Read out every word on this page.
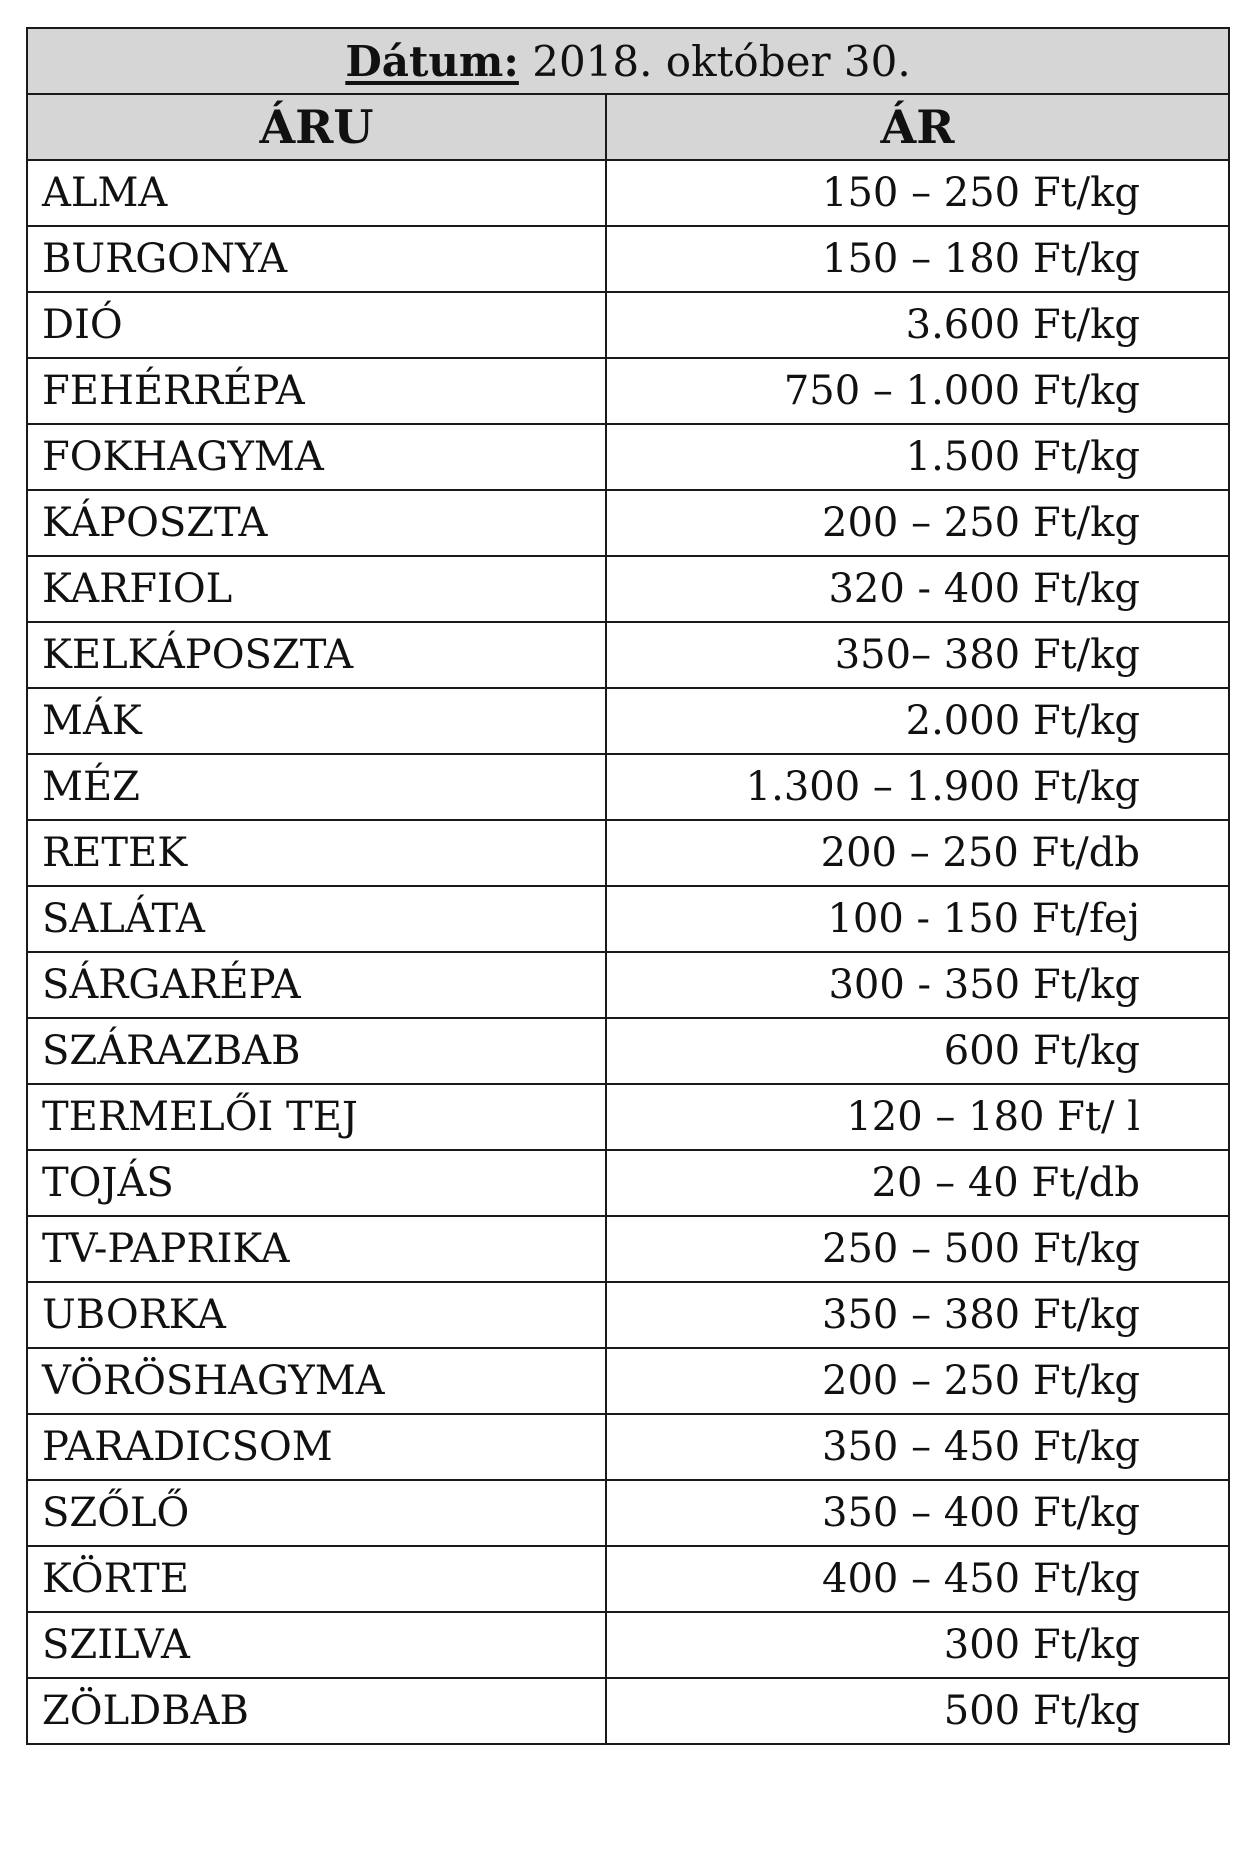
Dátum: 2018. október 30.	
ÁRU	ÁR
ALMA	150 – 250 Ft/kg
BURGONYA	150 – 180 Ft/kg
DIÓ	3.600 Ft/kg
FEHÉRRÉPA	750 – 1.000 Ft/kg
FOKHAGYMA	1.500 Ft/kg
KÁPOSZTA	200 – 250 Ft/kg
KARFIOL	320 - 400 Ft/kg
KELKÁPOSZTA	350– 380 Ft/kg
MÁK	2.000 Ft/kg
MÉZ	1.300 – 1.900 Ft/kg
RETEK	200 – 250 Ft/db
SALÁTA	100 - 150 Ft/fej
SÁRGARÉPA	300 - 350 Ft/kg
SZÁRAZBAB	600 Ft/kg
TERMELŐI TEJ	120 – 180 Ft/ l
TOJÁS	20 – 40 Ft/db
TV-PAPRIKA	250 – 500 Ft/kg
UBORKA	350 – 380 Ft/kg
VÖRÖSHAGYMA	200 – 250 Ft/kg
PARADICSOM	350 – 450 Ft/kg
SZŐLŐ	350 – 400 Ft/kg
KÖRTE	400 – 450 Ft/kg
SZILVA	300 Ft/kg
ZÖLDBAB	500 Ft/kg
